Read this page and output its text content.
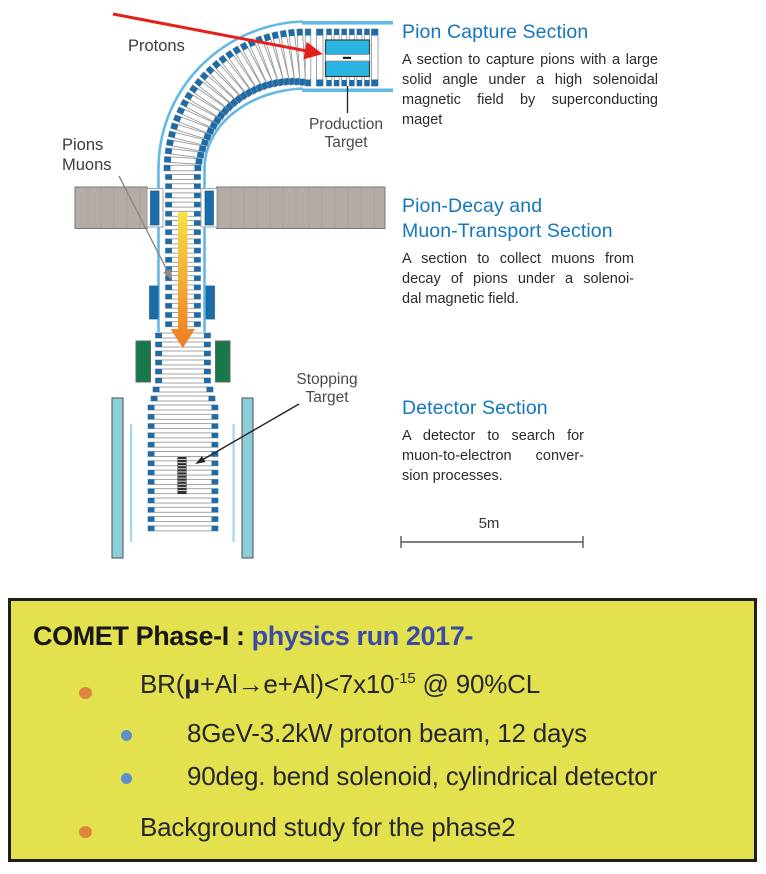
Protons
Pions
Muons
Production
Target
Stopping
Target
5m
Pion Capture Section
A section to capture pions with a large
solid angle under a high solenoidal
magnetic field by superconducting
maget
Pion-Decay and
Muon-Transport Section
A section to collect muons from
decay of pions under a solenoi-
dal magnetic field.
Detector Section
A detector to search for
muon-to-electron conver-
sion processes.
COMET Phase-I : physics run 2017-
$BR(\mu+Al\to e+Al)<7x10^{-15}$ @ 90%CL
8GeV-3.2kW proton beam, 12 days
90deg. bend solenoid, cylindrical detector
Background study for the phase2
